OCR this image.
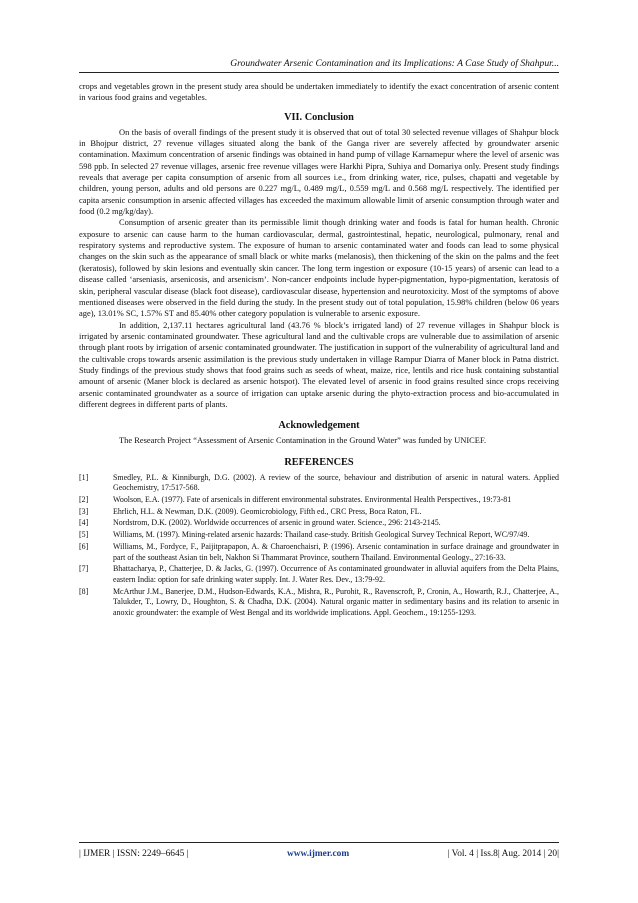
Groundwater Arsenic Contamination and its Implications: A Case Study of Shahpur...

crops and vegetables grown in the present study area should be undertaken immediately to identify the exact concentration of arsenic content in various food grains and vegetables.

VII. Conclusion

On the basis of overall findings of the present study it is observed that out of total 30 selected revenue villages of Shahpur block in Bhojpur district, 27 revenue villages situated along the bank of the Ganga river are severely affected by groundwater arsenic contamination. Maximum concentration of arsenic findings was obtained in hand pump of village Karnamepur where the level of arsenic was 598 ppb. In selected 27 revenue villages, arsenic free revenue villages were Harkhi Pipra, Suhiya and Domariya only. Present study findings reveals that average per capita consumption of arsenic from all sources i.e., from drinking water, rice, pulses, chapatti and vegetable by children, young person, adults and old persons are 0.227 mg/L, 0.489 mg/L, 0.559 mg/L and 0.568 mg/L respectively. The identified per capita arsenic consumption in arsenic affected villages has exceeded the maximum allowable limit of arsenic consumption through water and food (0.2 mg/kg/day).

Consumption of arsenic greater than its permissible limit though drinking water and foods is fatal for human health. Chronic exposure to arsenic can cause harm to the human cardiovascular, dermal, gastrointestinal, hepatic, neurological, pulmonary, renal and respiratory systems and reproductive system. The exposure of human to arsenic contaminated water and foods can lead to some physical changes on the skin such as the appearance of small black or white marks (melanosis), then thickening of the skin on the palms and the feet (keratosis), followed by skin lesions and eventually skin cancer. The long term ingestion or exposure (10-15 years) of arsenic can lead to a disease called ‘arseniasis, arsenicosis, and arsenicism’. Non-cancer endpoints include hyper-pigmentation, hypo-pigmentation, keratosis of skin, peripheral vascular disease (black foot disease), cardiovascular disease, hypertension and neurotoxicity. Most of the symptoms of above mentioned diseases were observed in the field during the study. In the present study out of total population, 15.98% children (below 06 years age), 13.01% SC, 1.57% ST and 85.40% other category population is vulnerable to arsenic exposure.

In addition, 2,137.11 hectares agricultural land (43.76 % block’s irrigated land) of 27 revenue villages in Shahpur block is irrigated by arsenic contaminated groundwater. These agricultural land and the cultivable crops are vulnerable due to assimilation of arsenic through plant roots by irrigation of arsenic contaminated groundwater. The justification in support of the vulnerability of agricultural land and the cultivable crops towards arsenic assimilation is the previous study undertaken in village Rampur Diarra of Maner block in Patna district. Study findings of the previous study shows that food grains such as seeds of wheat, maize, rice, lentils and rice husk containing substantial amount of arsenic (Maner block is declared as arsenic hotspot). The elevated level of arsenic in food grains resulted since crops receiving arsenic contaminated groundwater as a source of irrigation can uptake arsenic during the phyto-extraction process and bio-accumulated in different degrees in different parts of plants.

Acknowledgement

The Research Project “Assessment of Arsenic Contamination in the Ground Water” was funded by UNICEF.

REFERENCES
[1]	Smedley, P.L. & Kinniburgh, D.G. (2002). A review of the source, behaviour and distribution of arsenic in natural waters. Applied Geochemistry, 17:517-568.
[2]	Woolson, E.A. (1977). Fate of arsenicals in different environmental substrates. Environmental Health Perspectives., 19:73-81
[3]	Ehrlich, H.L. & Newman, D.K. (2009). Geomicrobiology, Fifth ed., CRC Press, Boca Raton, FL.
[4]	Nordstrom, D.K. (2002). Worldwide occurrences of arsenic in ground water. Science., 296: 2143-2145.
[5]	Williams, M. (1997). Mining-related arsenic hazards: Thailand case-study. British Geological Survey Technical Report, WC/97/49.
[6]	Williams, M., Fordyce, F., Paijitprapapon, A. & Charoenchaisri, P. (1996). Arsenic contamination in surface drainage and groundwater in part of the southeast Asian tin belt, Nakhon Si Thammarat Province, southern Thailand. Environmental Geology., 27:16-33.
[7]	Bhattacharya, P., Chatterjee, D. & Jacks, G. (1997). Occurrence of As contaminated groundwater in alluvial aquifers from the Delta Plains, eastern India: option for safe drinking water supply. Int. J. Water Res. Dev., 13:79-92.
[8]	McArthur J.M., Banerjee, D.M., Hudson-Edwards, K.A., Mishra, R., Purohit, R., Ravenscroft, P., Cronin, A., Howarth, R.J., Chatterjee, A., Talukder, T., Lowry, D., Houghton, S. & Chadha, D.K. (2004). Natural organic matter in sedimentary basins and its relation to arsenic in anoxic groundwater: the example of West Bengal and its worldwide implications. Appl. Geochem., 19:1255-1293.
| IJMER | ISSN: 2249–6645 |	www.ijmer.com	| Vol. 4 | Iss.8| Aug. 2014 | 20|
